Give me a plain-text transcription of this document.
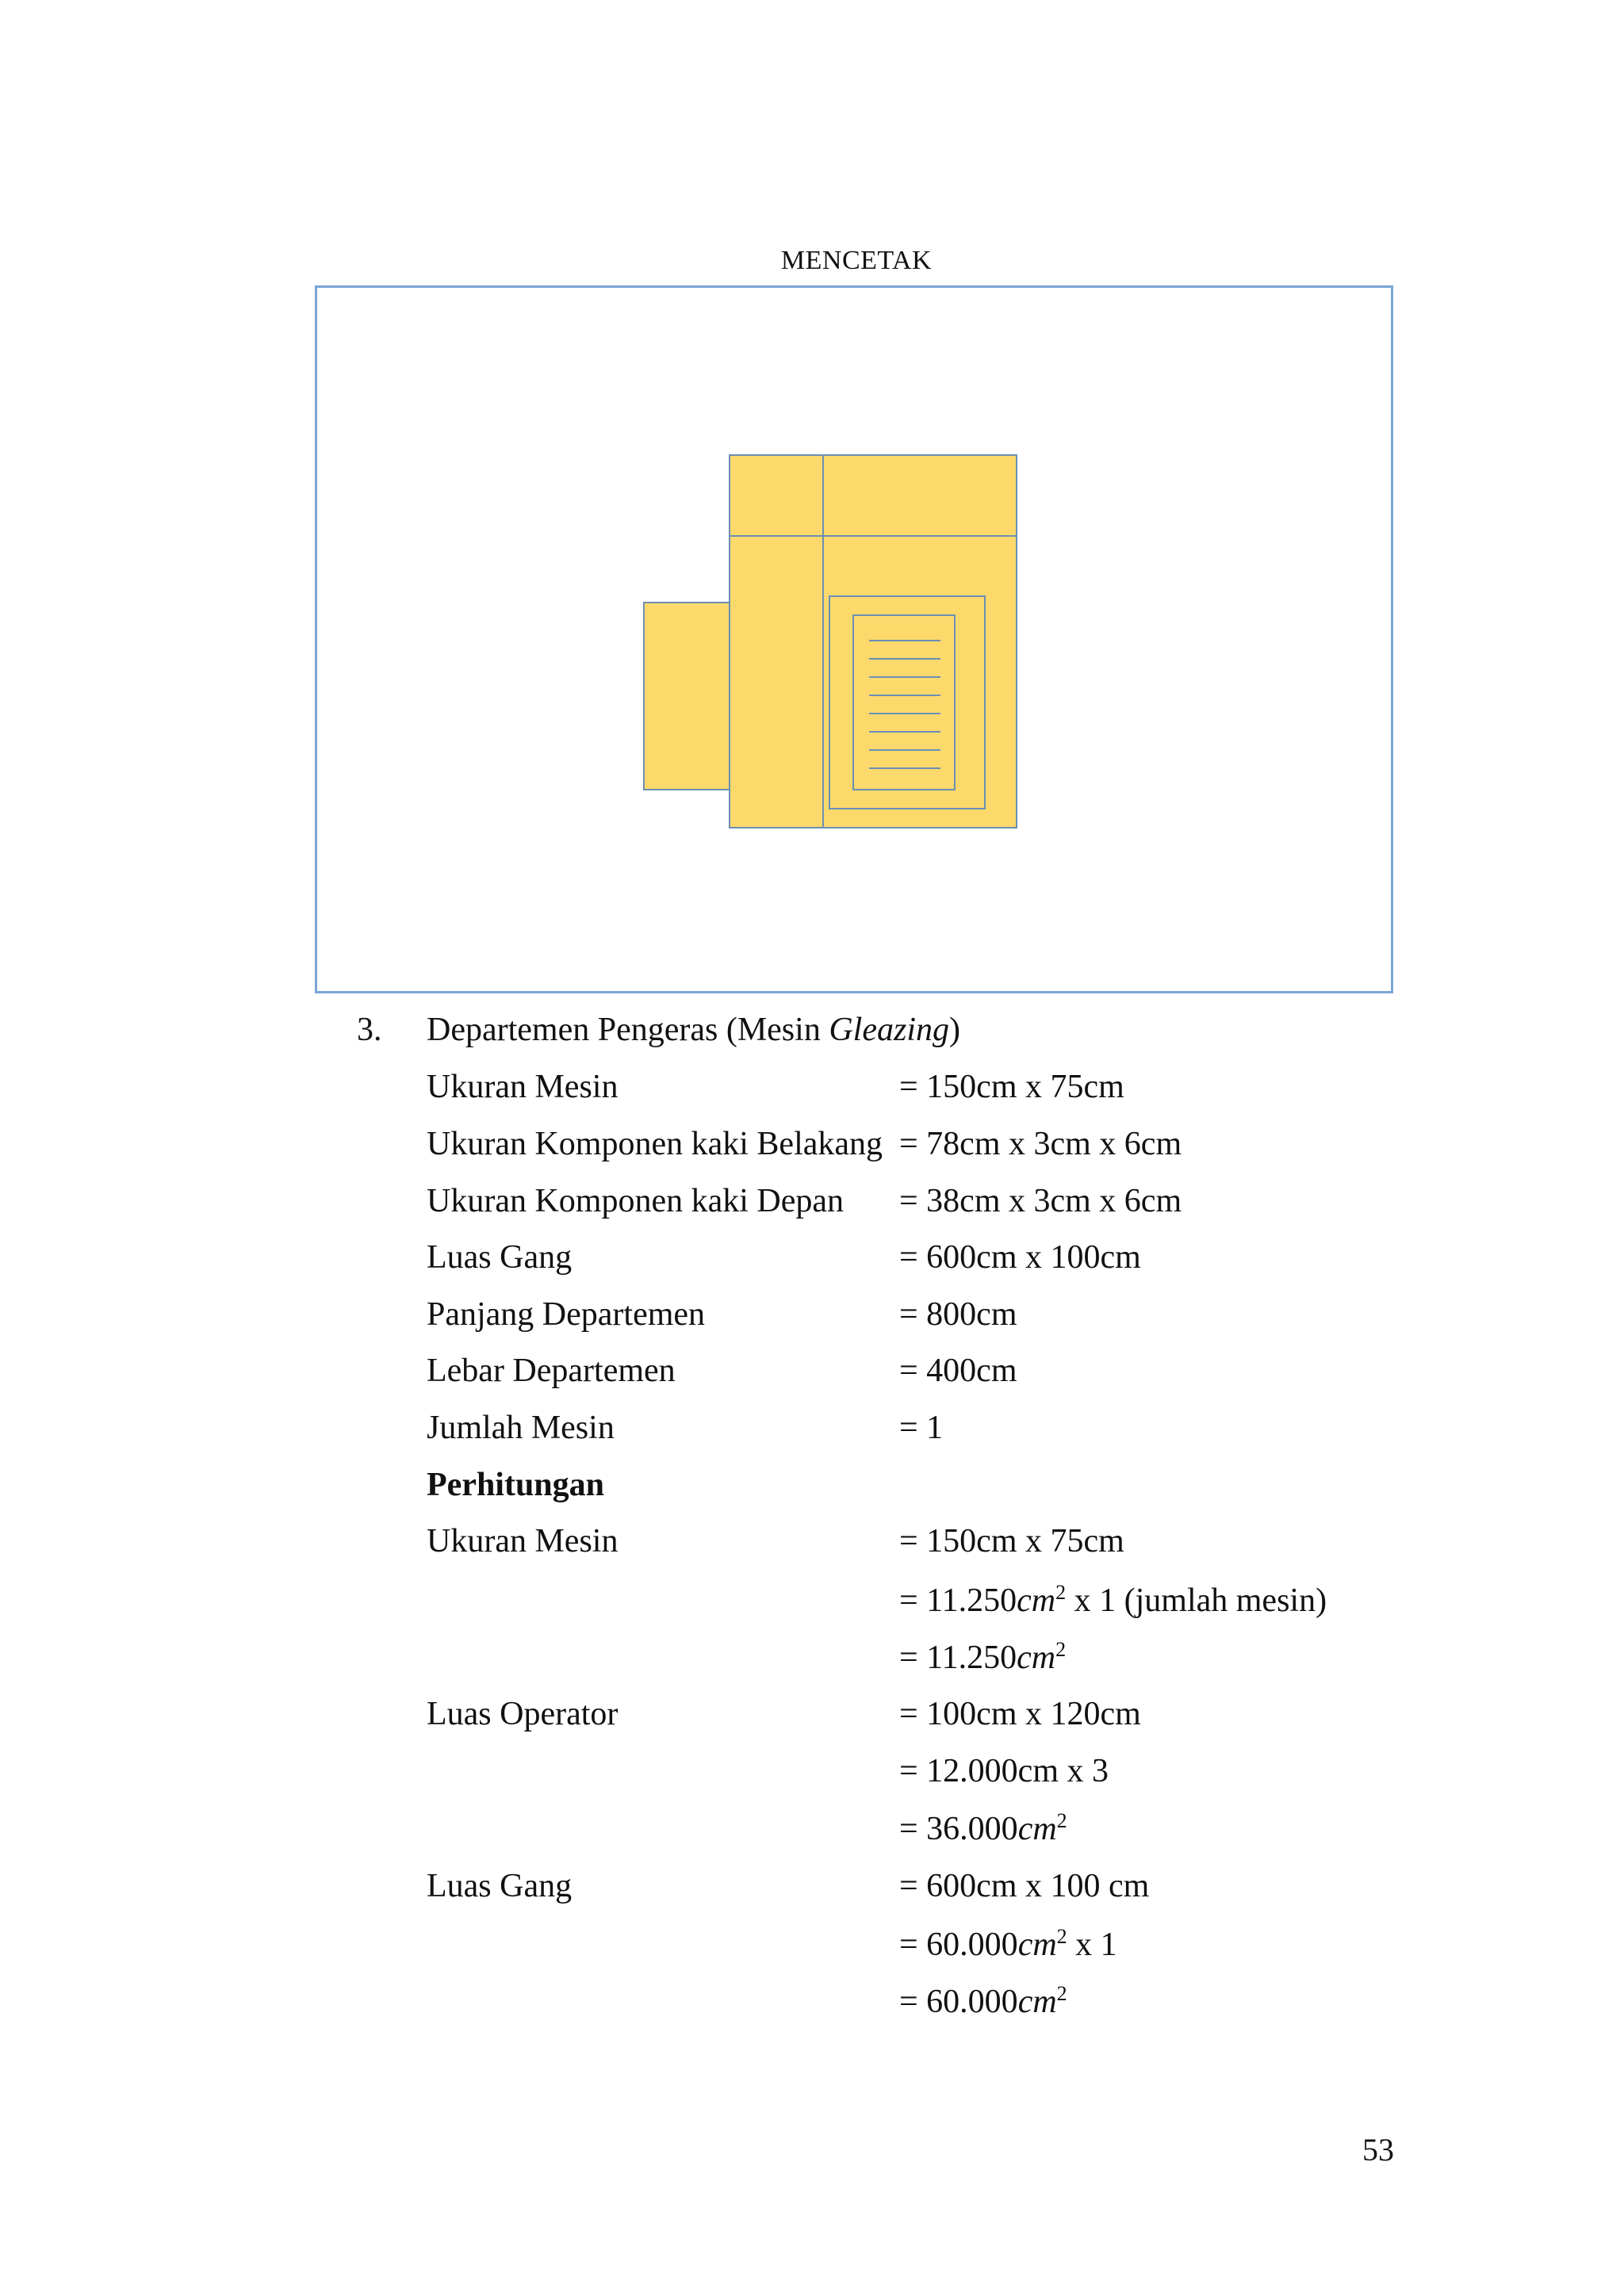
MENCETAK
3. Departemen Pengeras (Mesin Gleazing)
Ukuran Mesin	= 150cm x 75cm
Ukuran Komponen kaki Belakang = 78cm x 3cm x 6cm
Ukuran Komponen kaki Depan = 38cm x 3cm x 6cm
Luas Gang	= 600cm x 100cm
Panjang Departemen	= 800cm
Lebar Departemen	= 400cm
Jumlah Mesin	= 1
Perhitungan
Ukuran Mesin	= 150cm x 75cm
= $11.250cm^2$ x 1 (jumlah mesin)
= $11.250cm^2$
Luas Operator	= 100cm x 120cm
= 12.000cm x 3
= $36.000cm^2$
Luas Gang	= 600cm x 100 cm
= $60.000cm^2$ x 1
= $60.000cm^2$
53
